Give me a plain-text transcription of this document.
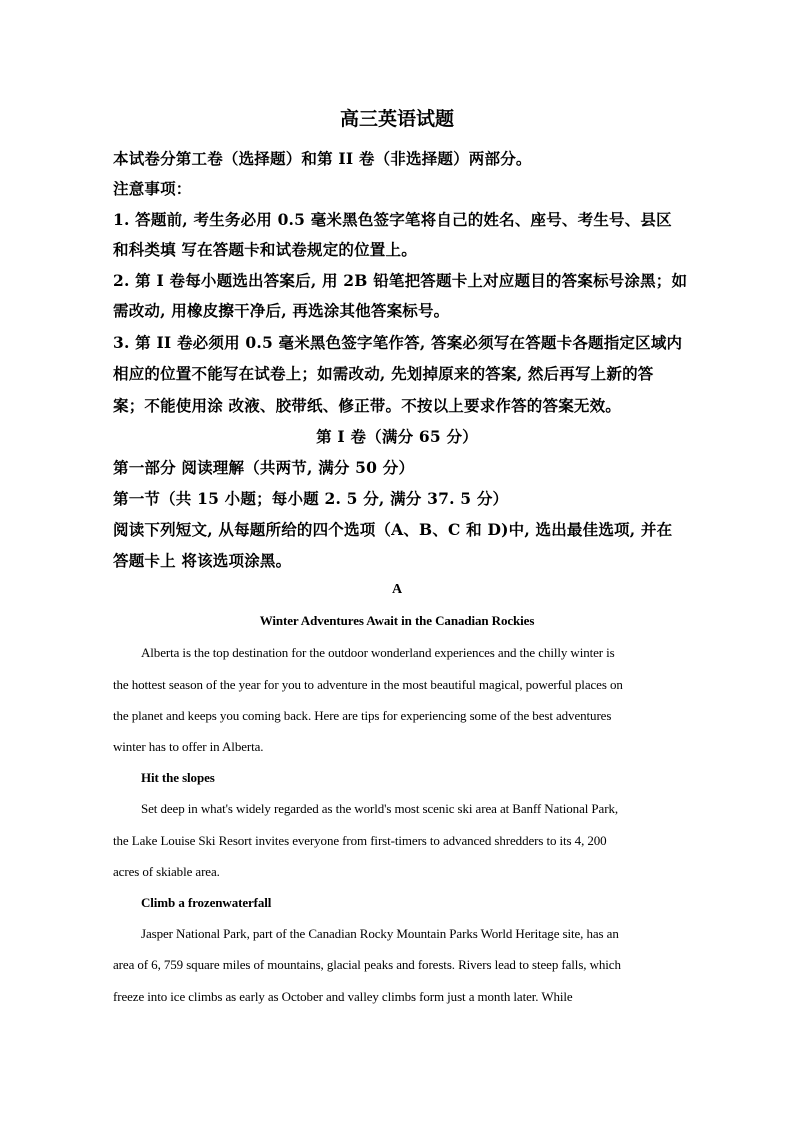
高三英语试题
本试卷分第工卷（选择题）和第 II 卷（非选择题）两部分。
注意事项：
1. 答题前, 考生务必用 0.5 毫米黑色签字笔将自己的姓名、座号、考生号、县区
和科类填 写在答题卡和试卷规定的位置上。
2. 第 I 卷每小题选出答案后, 用 2B 铅笔把答题卡上对应题目的答案标号涂黑；如
需改动, 用橡皮擦干净后, 再选涂其他答案标号。
3. 第 II 卷必须用 0.5 毫米黑色签字笔作答, 答案必须写在答题卡各题指定区域内
相应的位置不能写在试卷上；如需改动, 先划掉原来的答案, 然后再写上新的答
案；不能使用涂 改液、胶带纸、修正带。不按以上要求作答的答案无效。
第 I 卷（满分 65 分）
第一部分 阅读理解（共两节, 满分 50 分）
第一节（共 15 小题；每小题 2. 5 分, 满分 37. 5 分）
阅读下列短文, 从每题所给的四个选项（A、B、C 和 D)中, 选出最佳选项, 并在
答题卡上 将该选项涂黑。
A
Winter Adventures Await in the Canadian Rockies
Alberta is the top destination for the outdoor wonderland experiences and the chilly winter is
the hottest season of the year for you to adventure in the most beautiful magical, powerful places on
the planet and keeps you coming back. Here are tips for experiencing some of the best adventures
winter has to offer in Alberta.
Hit the slopes
Set deep in what's widely regarded as the world's most scenic ski area at Banff National Park,
the Lake Louise Ski Resort invites everyone from first-timers to advanced shredders to its 4, 200
acres of skiable area.
Climb a frozenwaterfall
Jasper National Park, part of the Canadian Rocky Mountain Parks World Heritage site, has an
area of 6, 759 square miles of mountains, glacial peaks and forests. Rivers lead to steep falls, which
freeze into ice climbs as early as October and valley climbs form just a month later. While
